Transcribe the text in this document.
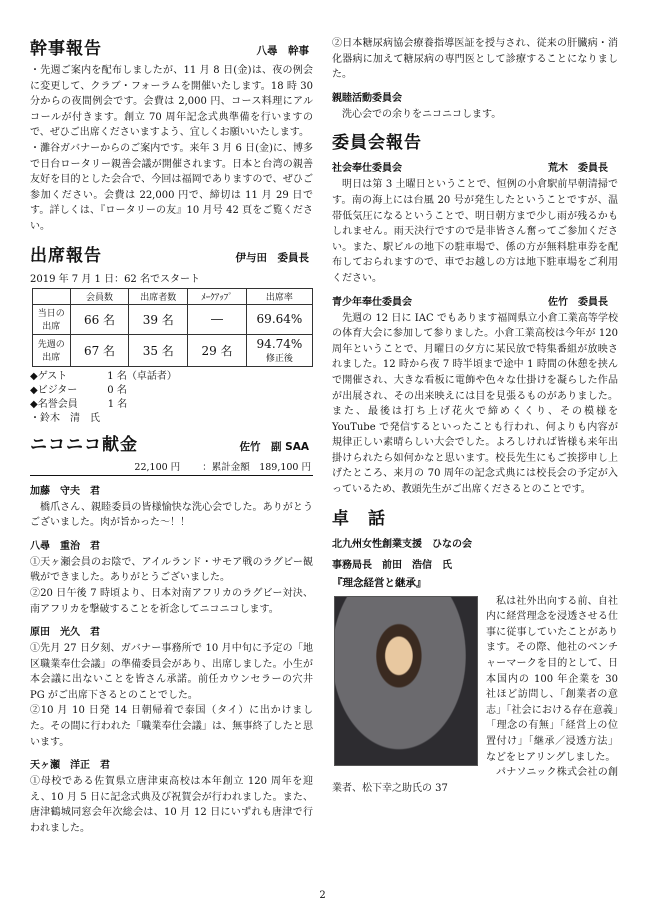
幹事報告	八尋　幹事

・先週ご案内を配布しましたが、11 月 8 日(金)は、夜の例会に変更して、クラブ・フォーラムを開催いたします。18 時 30 分からの夜間例会です。会費は 2,000 円、コース料理にアルコールが付きます。創立 70 周年記念式典準備を行いますので、ぜひご出席くださいますよう、宜しくお願いいたします。

・灘谷ガバナーからのご案内です。来年 3 月 6 日(金)に、博多で日台ロータリー親善会議が開催されます。日本と台湾の親善友好を目的とした会合で、今回は福岡でありますので、ぜひご参加ください。会費は 22,000 円で、締切は 11 月 29 日です。詳しくは、『ロータリーの友』10 月号 42 頁をご覧ください。

出席報告	伊与田　委員長
2019 年 7 月 1 日：62 名でスタート
	会員数	出席者数	ﾒｰｸｱｯﾌﾟ	出席率
当日の出席	66 名	39 名	―	69.64%
先週の出席	67 名	35 名	29 名	94.74%
修正後

◆ゲスト　　　　1 名（卓話者）

◆ビジター　　　0 名

◆名誉会員　　　1 名

・鈴木　清　氏

ニコニコ献金	佐竹　副 SAA
22,100 円 ：累計金額　189,100 円
加藤　守夫　君

橋爪さん、親睦委員の皆様愉快な洗心会でした。ありがとうございました。肉が旨かった～！！

八尋　重治　君

①天ヶ瀬会員のお陰で、アイルランド・サモア戦のラグビー観戦ができました。ありがとうございました。

②20 日午後 7 時頃より、日本対南アフリカのラグビー対決、南アフリカを撃破することを祈念してニコニコします。

原田　光久　君

①先月 27 日夕刻、ガバナー事務所で 10 月中旬に予定の「地区職業奉仕会議」の準備委員会があり、出席しました。小生が本会議に出ないことを皆さん承諾。前任カウンセラーの穴井 PG がご出席下さるとのことでした。

②10 月 10 日発 14 日朝帰着で泰国（タイ）に出かけました。その間に行われた「職業奉仕会議」は、無事終了したと思います。

天ヶ瀬　洋正　君

①母校である佐賀県立唐津東高校は本年創立 120 周年を迎え、10 月 5 日に記念式典及び祝賀会が行われました。また、唐津鶴城同窓会年次総会は、10 月 12 日にいずれも唐津で行われました。

②日本糖尿病協会療養指導医証を授与され、従来の肝臓病・消化器病に加えて糖尿病の専門医として診療することになりました。

親睦活動委員会

洗心会での余りをニコニコします。

委員会報告
社会奉仕委員会	荒木　委員長

明日は第 3 土曜日ということで、恒例の小倉駅前早朝清掃です。南の海上には台風 20 号が発生したということですが、温帯低気圧になるということで、明日朝方まで少し雨が残るかもしれません。雨天決行ですので是非皆さん奮ってご参加ください。また、駅ビルの地下の駐車場で、係の方が無料駐車券を配布しておられますので、車でお越しの方は地下駐車場をご利用ください。

青少年奉仕委員会	佐竹　委員長

先週の 12 日に IAC でもあります福岡県立小倉工業高等学校の体育大会に参加して参りました。小倉工業高校は今年が 120 周年ということで、月曜日の夕方に某民放で特集番組が放映されました。12 時から夜 7 時半頃まで途中 1 時間の休憩を挟んで開催され、大きな看板に電飾や色々な仕掛けを凝らした作品が出展され、その出来映えには目を見張るものがありました。また、最後は打ち上げ花火で締めくくり、その模様を YouTube で発信するといったことも行われ、何よりも内容が規律正しい素晴らしい大会でした。よろしければ皆様も来年出掛けられたら如何かなと思います。校長先生にもご挨拶申し上げたところ、来月の 70 周年の記念式典には校長会の予定が入っているため、教頭先生がご出席くださるとのことです。

卓　話
北九州女性創業支援　ひなの会
事務局長　前田　浩信　氏
『理念経営と継承』

私は社外出向する前、自社内に経営理念を浸透させる仕事に従事していたことがあります。その際、他社のベンチャーマークを目的として、日本国内の 100 年企業を 30 社ほど訪問し、「創業者の意志」「社会における存在意義」「理念の有無」「経営上の位置付け」「継承／浸透方法」などをヒアリングしました。

パナソニック株式会社の創業者、松下幸之助氏の 37

2
